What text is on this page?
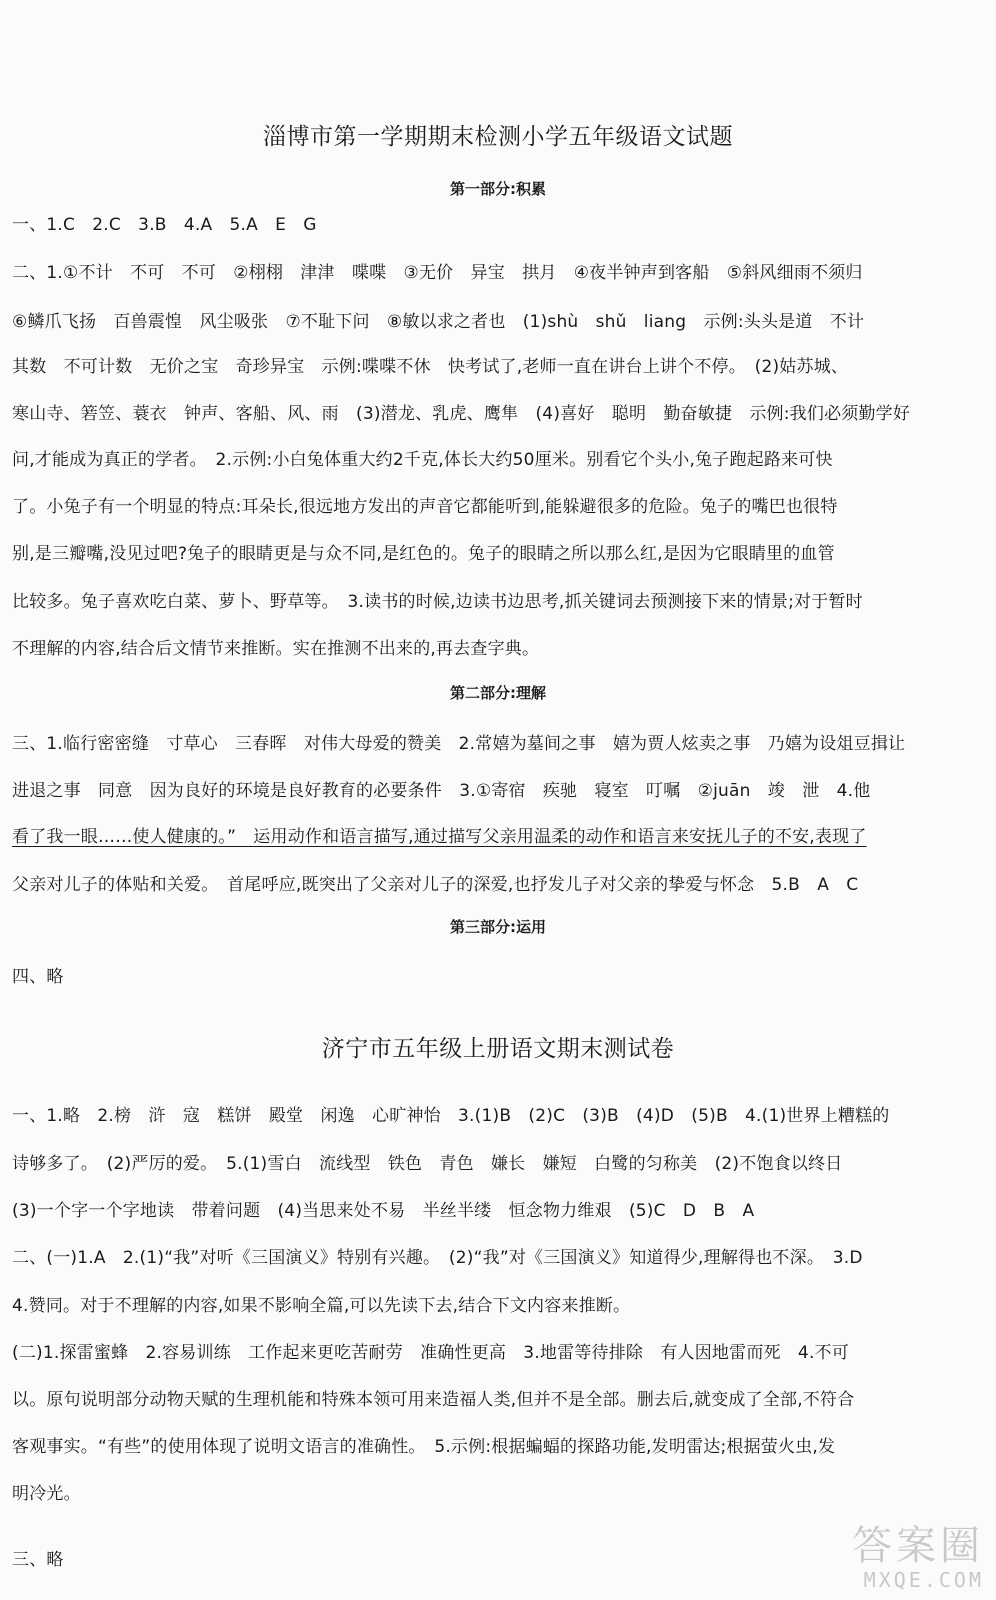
淄博市第一学期期末检测小学五年级语文试题
第一部分:积累
一、1.C　2.C　3.B　4.A　5.A　E　G
二、1.①不计　不可　不可　②栩栩　津津　喋喋　③无价　异宝　拱月　④夜半钟声到客船　⑤斜风细雨不须归
⑥鳞爪飞扬　百兽震惶　风尘吸张　⑦不耻下问　⑧敏以求之者也　(1)shù　shǔ　liang　示例:头头是道　不计
其数　不可计数　无价之宝　奇珍异宝　示例:喋喋不休　快考试了,老师一直在讲台上讲个不停。　(2)姑苏城、
寒山寺、箬笠、蓑衣　钟声、客船、风、雨　(3)潜龙、乳虎、鹰隼　(4)喜好　聪明　勤奋敏捷　示例:我们必须勤学好
问,才能成为真正的学者。　2.示例:小白兔体重大约2千克,体长大约50厘米。别看它个头小,兔子跑起路来可快
了。小兔子有一个明显的特点:耳朵长,很远地方发出的声音它都能听到,能躲避很多的危险。兔子的嘴巴也很特
别,是三瓣嘴,没见过吧?兔子的眼睛更是与众不同,是红色的。兔子的眼睛之所以那么红,是因为它眼睛里的血管
比较多。兔子喜欢吃白菜、萝卜、野草等。　3.读书的时候,边读书边思考,抓关键词去预测接下来的情景;对于暂时
不理解的内容,结合后文情节来推断。实在推测不出来的,再去查字典。
第二部分:理解
三、1.临行密密缝　寸草心　三春晖　对伟大母爱的赞美　2.常嬉为墓间之事　嬉为贾人炫卖之事　乃嬉为设俎豆揖让
进退之事　同意　因为良好的环境是良好教育的必要条件　3.①寄宿　疾驰　寝室　叮嘱　②juān　竣　泄　4.他
看了我一眼……使人健康的。”　运用动作和语言描写,通过描写父亲用温柔的动作和语言来安抚儿子的不安,表现了
父亲对儿子的体贴和关爱。　首尾呼应,既突出了父亲对儿子的深爱,也抒发儿子对父亲的挚爱与怀念　5.B　A　C
第三部分:运用
四、略
济宁市五年级上册语文期末测试卷
一、1.略　2.榜　浒　寇　糕饼　殿堂　闲逸　心旷神怡　3.(1)B　(2)C　(3)B　(4)D　(5)B　4.(1)世界上糟糕的
诗够多了。　(2)严厉的爱。　5.(1)雪白　流线型　铁色　青色　嫌长　嫌短　白鹭的匀称美　(2)不饱食以终日
(3)一个字一个字地读　带着问题　(4)当思来处不易　半丝半缕　恒念物力维艰　(5)C　D　B　A
二、(一)1.A　2.(1)“我”对听《三国演义》特别有兴趣。　(2)“我”对《三国演义》知道得少,理解得也不深。　3.D
4.赞同。对于不理解的内容,如果不影响全篇,可以先读下去,结合下文内容来推断。
(二)1.探雷蜜蜂　2.容易训练　工作起来更吃苦耐劳　准确性更高　3.地雷等待排除　有人因地雷而死　4.不可
以。原句说明部分动物天赋的生理机能和特殊本领可用来造福人类,但并不是全部。删去后,就变成了全部,不符合
客观事实。“有些”的使用体现了说明文语言的准确性。　5.示例:根据蝙蝠的探路功能,发明雷达;根据萤火虫,发
明冷光。
三、略	答案圈
MXQE.COM
